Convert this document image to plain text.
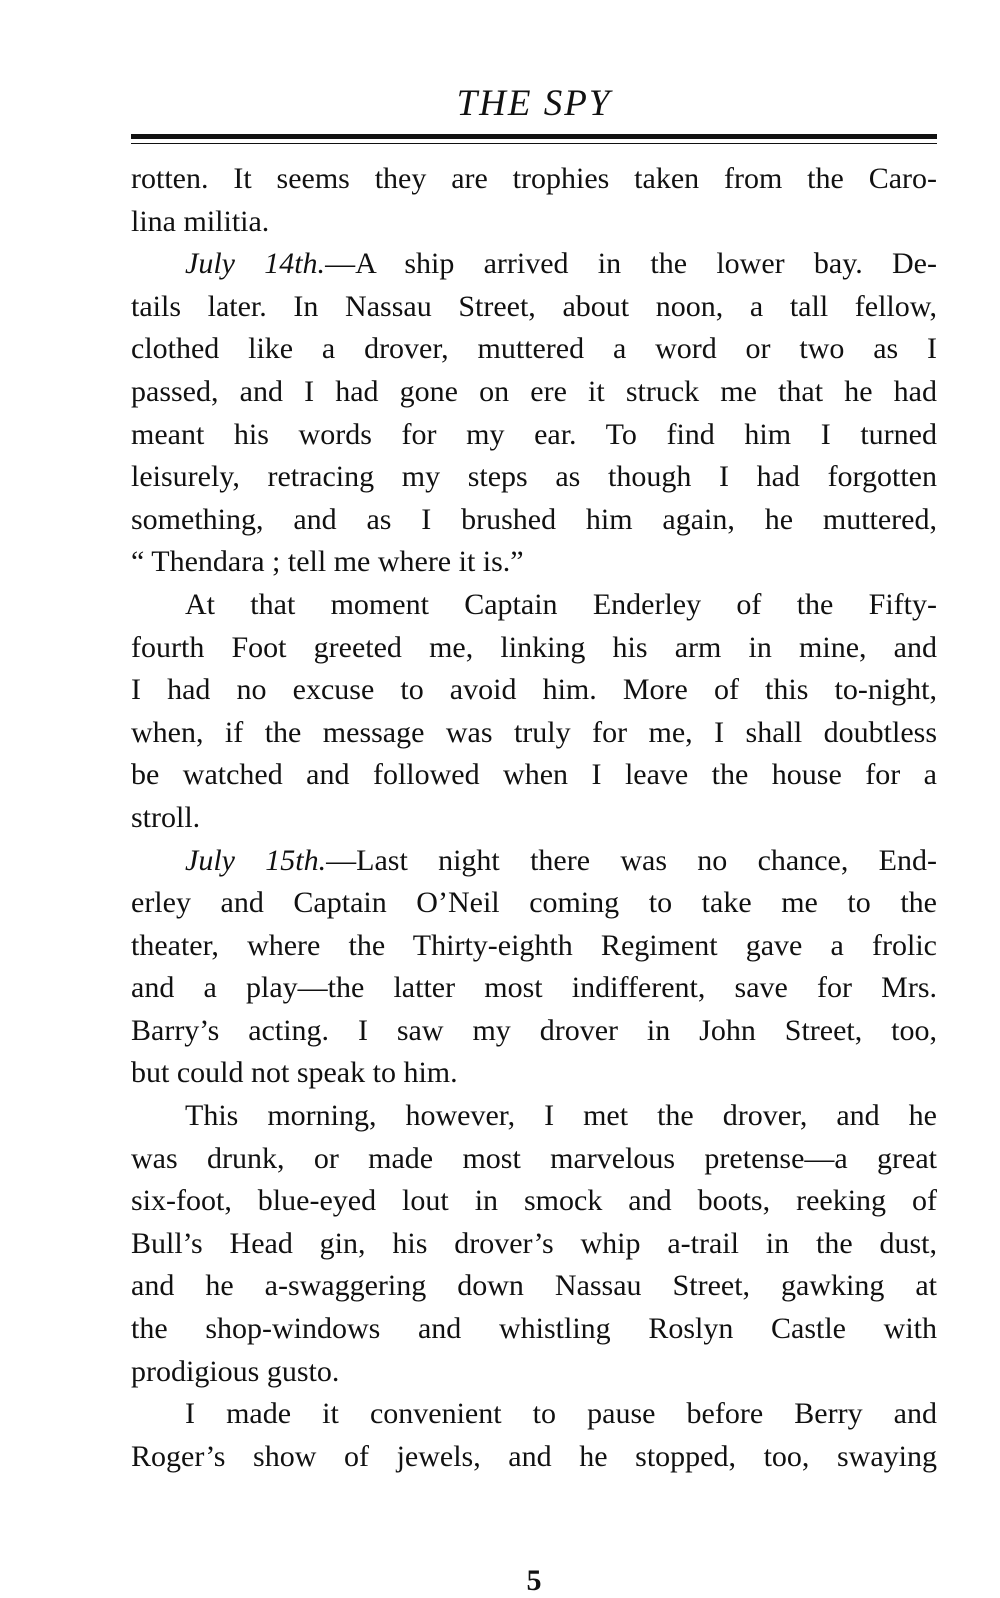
THE SPY

rotten. It seems they are trophies taken from the Caro-

lina militia.

July 14th.—A ship arrived in the lower bay. De-

tails later. In Nassau Street, about noon, a tall fellow,

clothed like a drover, muttered a word or two as I

passed, and I had gone on ere it struck me that he had

meant his words for my ear. To find him I turned

leisurely, retracing my steps as though I had forgotten

something, and as I brushed him again, he muttered,

“ Thendara ; tell me where it is.”

At that moment Captain Enderley of the Fifty-

fourth Foot greeted me, linking his arm in mine, and

I had no excuse to avoid him. More of this to-night,

when, if the message was truly for me, I shall doubtless

be watched and followed when I leave the house for a

stroll.

July 15th.—Last night there was no chance, End-

erley and Captain O’Neil coming to take me to the

theater, where the Thirty-eighth Regiment gave a frolic

and a play—the latter most indifferent, save for Mrs.

Barry’s acting. I saw my drover in John Street, too,

but could not speak to him.

This morning, however, I met the drover, and he

was drunk, or made most marvelous pretense—a great

six-foot, blue-eyed lout in smock and boots, reeking of

Bull’s Head gin, his drover’s whip a-trail in the dust,

and he a-swaggering down Nassau Street, gawking at

the shop-windows and whistling Roslyn Castle with

prodigious gusto.

I made it convenient to pause before Berry and

Roger’s show of jewels, and he stopped, too, swaying

5
